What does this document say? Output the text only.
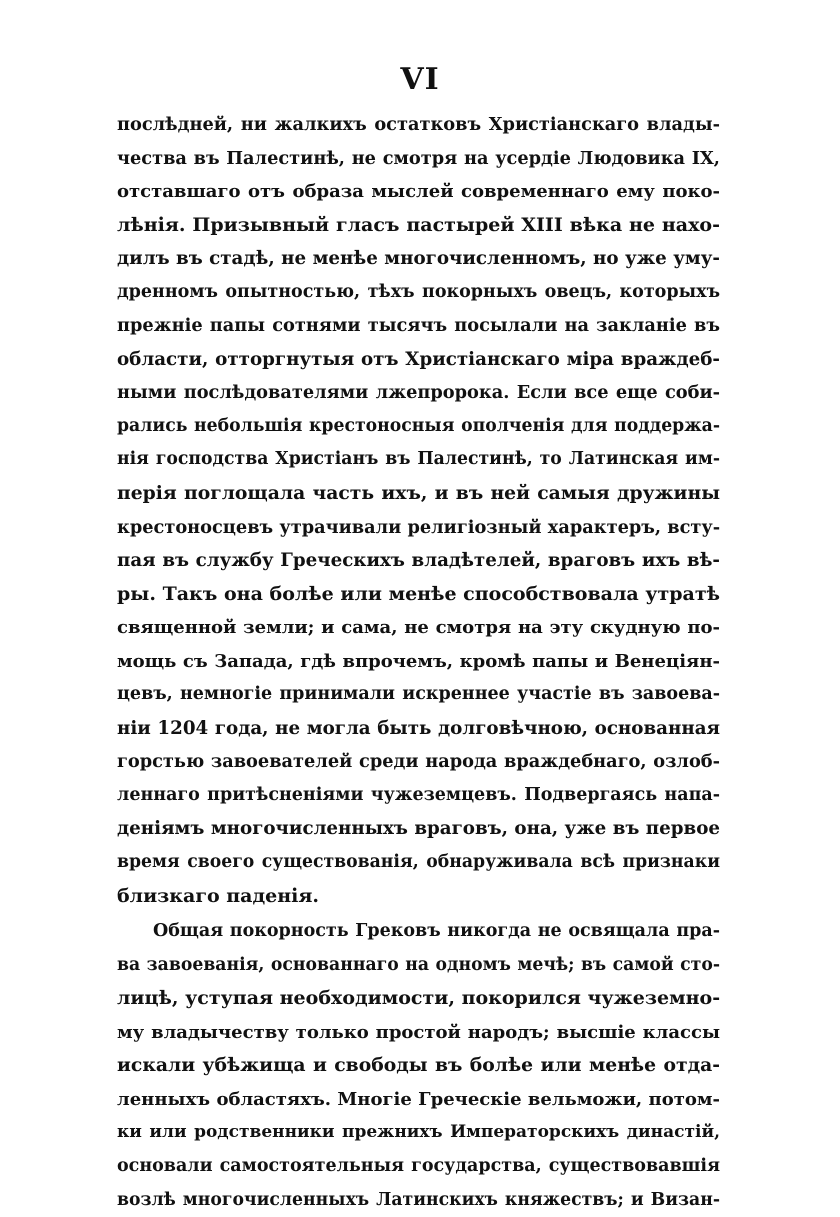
VI
послѣдней, ни жалкихъ остатковъ Христіанскаго влады-
чества въ Палестинѣ, не смотря на усердіе Людовика IX,
отставшаго отъ образа мыслей современнаго ему поко-
лѣнія. Призывный гласъ пастырей XIII вѣка не нахо-
дилъ въ стадѣ, не менѣе многочисленномъ, но уже уму-
дренномъ опытностью, тѣхъ покорныхъ овецъ, которыхъ
прежніе папы сотнями тысячъ посылали на закланіе въ
области, отторгнутыя отъ Христіанскаго міра враждеб-
ными послѣдователями лжепророка. Если все еще соби-
рались небольшія крестоносныя ополченія для поддержа-
нія господства Христіанъ въ Палестинѣ, то Латинская им-
перія поглощала часть ихъ, и въ ней самыя дружины
крестоносцевъ утрачивали религіозный характеръ, всту-
пая въ службу Греческихъ владѣтелей, враговъ ихъ вѣ-
ры. Такъ она болѣе или менѣе способствовала утратѣ
священной земли; и сама, не смотря на эту скудную по-
мощь съ Запада, гдѣ впрочемъ, кромѣ папы и Венеціян-
цевъ, немногіе принимали искреннее участіе въ завоева-
ніи 1204 года, не могла быть долговѣчною, основанная
горстью завоевателей среди народа враждебнаго, озлоб-
леннаго притѣсненіями чужеземцевъ. Подвергаясь напа-
деніямъ многочисленныхъ враговъ, она, уже въ первое
время своего существованія, обнаруживала всѣ признаки
близкаго паденія.
Общая покорность Грековъ никогда не освящала пра-
ва завоеванія, основаннаго на одномъ мечѣ; въ самой сто-
лицѣ, уступая необходимости, покорился чужеземно-
му владычеству только простой народъ; высшіе классы
искали убѣжища и свободы въ болѣе или менѣе отда-
ленныхъ областяхъ. Многіе Греческіе вельможи, потом-
ки или родственники прежнихъ Императорскихъ династій,
основали самостоятельныя государства, существовавшія
возлѣ многочисленныхъ Латинскихъ княжествъ; и Визан-
